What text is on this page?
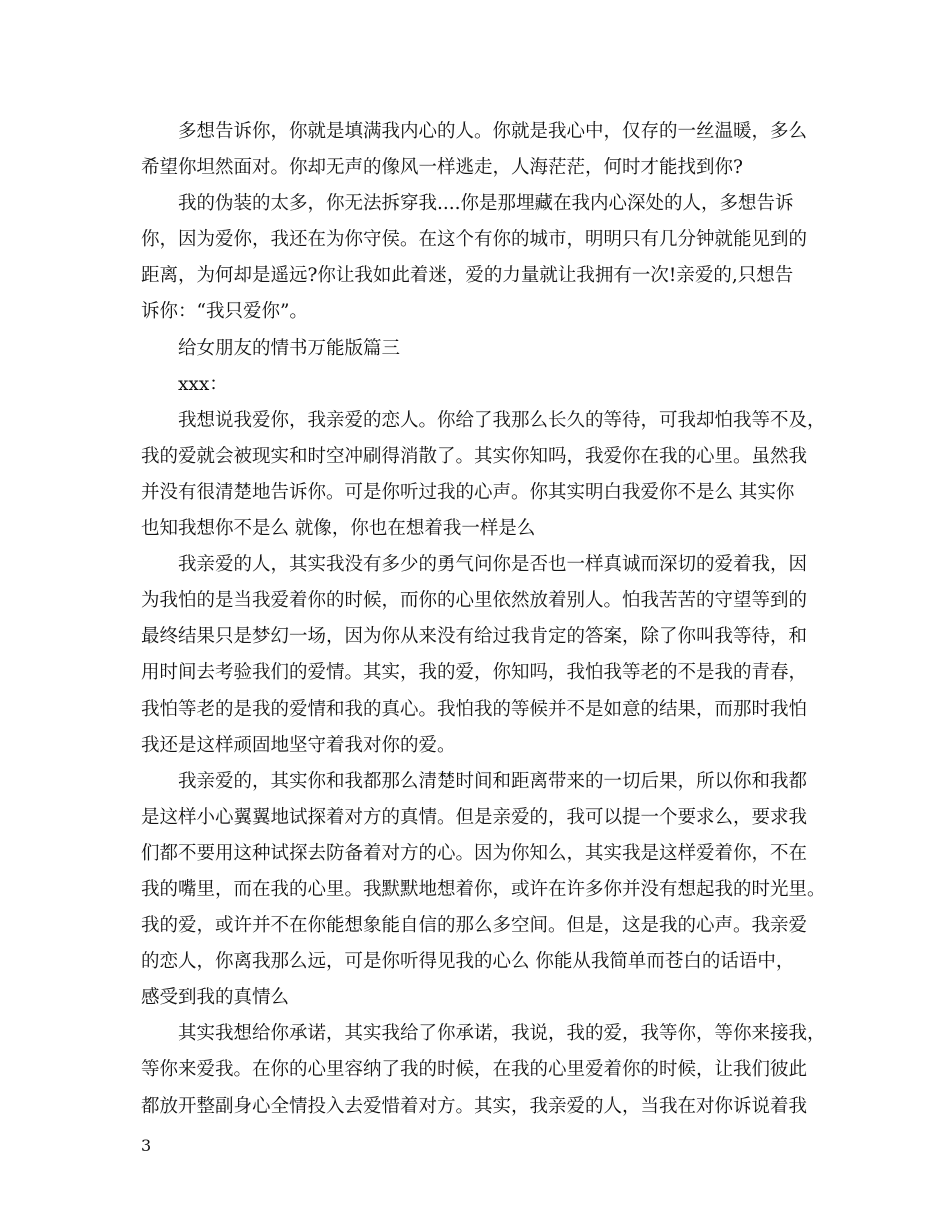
多想告诉你，你就是填满我内心的人。你就是我心中，仅存的一丝温暖，多么
希望你坦然面对。你却无声的像风一样逃走，人海茫茫，何时才能找到你?

我的伪装的太多，你无法拆穿我....你是那埋藏在我内心深处的人，多想告诉
你，因为爱你，我还在为你守侯。在这个有你的城市，明明只有几分钟就能见到的
距离，为何却是遥远?你让我如此着迷，爱的力量就让我拥有一次!亲爱的,只想告
诉你：“我只爱你”。

给女朋友的情书万能版篇三

xxx：

我想说我爱你，我亲爱的恋人。你给了我那么长久的等待，可我却怕我等不及，
我的爱就会被现实和时空冲刷得消散了。其实你知吗，我爱你在我的心里。虽然我
并没有很清楚地告诉你。可是你听过我的心声。你其实明白我爱你不是么 其实你
也知我想你不是么 就像，你也在想着我一样是么

我亲爱的人，其实我没有多少的勇气问你是否也一样真诚而深切的爱着我，因
为我怕的是当我爱着你的时候，而你的心里依然放着别人。怕我苦苦的守望等到的
最终结果只是梦幻一场，因为你从来没有给过我肯定的答案，除了你叫我等待，和
用时间去考验我们的爱情。其实，我的爱，你知吗，我怕我等老的不是我的青春，
我怕等老的是我的爱情和我的真心。我怕我的等候并不是如意的结果，而那时我怕
我还是这样顽固地坚守着我对你的爱。

我亲爱的，其实你和我都那么清楚时间和距离带来的一切后果，所以你和我都
是这样小心翼翼地试探着对方的真情。但是亲爱的，我可以提一个要求么，要求我
们都不要用这种试探去防备着对方的心。因为你知么，其实我是这样爱着你，不在
我的嘴里，而在我的心里。我默默地想着你，或许在许多你并没有想起我的时光里。
我的爱，或许并不在你能想象能自信的那么多空间。但是，这是我的心声。我亲爱
的恋人，你离我那么远，可是你听得见我的心么 你能从我简单而苍白的话语中，
感受到我的真情么

其实我想给你承诺，其实我给了你承诺，我说，我的爱，我等你，等你来接我，
等你来爱我。在你的心里容纳了我的时候，在我的心里爱着你的时候，让我们彼此
都放开整副身心全情投入去爱惜着对方。其实，我亲爱的人，当我在对你诉说着我

3
